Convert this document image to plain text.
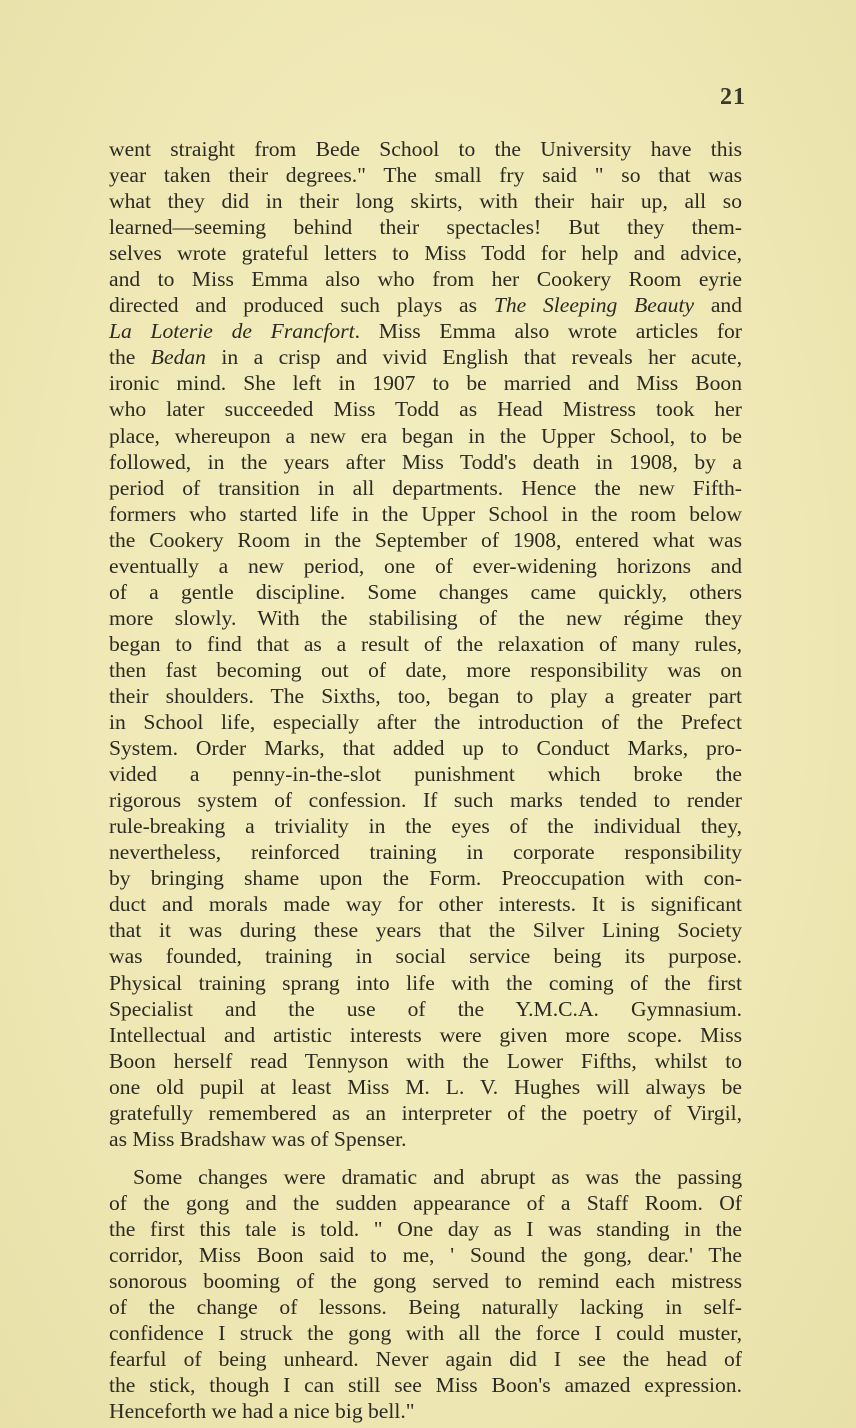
21
went straight from Bede School to the University have this
year taken their degrees." The small fry said " so that was
what they did in their long skirts, with their hair up, all so
learned—seeming behind their spectacles! But they them-
selves wrote grateful letters to Miss Todd for help and advice,
and to Miss Emma also who from her Cookery Room eyrie
directed and produced such plays as The Sleeping Beauty and
La Loterie de Francfort. Miss Emma also wrote articles for
the Bedan in a crisp and vivid English that reveals her acute,
ironic mind. She left in 1907 to be married and Miss Boon
who later succeeded Miss Todd as Head Mistress took her
place, whereupon a new era began in the Upper School, to be
followed, in the years after Miss Todd's death in 1908, by a
period of transition in all departments. Hence the new Fifth-
formers who started life in the Upper School in the room below
the Cookery Room in the September of 1908, entered what was
eventually a new period, one of ever-widening horizons and
of a gentle discipline. Some changes came quickly, others
more slowly. With the stabilising of the new régime they
began to find that as a result of the relaxation of many rules,
then fast becoming out of date, more responsibility was on
their shoulders. The Sixths, too, began to play a greater part
in School life, especially after the introduction of the Prefect
System. Order Marks, that added up to Conduct Marks, pro-
vided a penny-in-the-slot punishment which broke the
rigorous system of confession. If such marks tended to render
rule-breaking a triviality in the eyes of the individual they,
nevertheless, reinforced training in corporate responsibility
by bringing shame upon the Form. Preoccupation with con-
duct and morals made way for other interests. It is significant
that it was during these years that the Silver Lining Society
was founded, training in social service being its purpose.
Physical training sprang into life with the coming of the first
Specialist and the use of the Y.M.C.A. Gymnasium.
Intellectual and artistic interests were given more scope. Miss
Boon herself read Tennyson with the Lower Fifths, whilst to
one old pupil at least Miss M. L. V. Hughes will always be
gratefully remembered as an interpreter of the poetry of Virgil,
as Miss Bradshaw was of Spenser.
Some changes were dramatic and abrupt as was the passing
of the gong and the sudden appearance of a Staff Room. Of
the first this tale is told. " One day as I was standing in the
corridor, Miss Boon said to me, ' Sound the gong, dear.' The
sonorous booming of the gong served to remind each mistress
of the change of lessons. Being naturally lacking in self-
confidence I struck the gong with all the force I could muster,
fearful of being unheard. Never again did I see the head of
the stick, though I can still see Miss Boon's amazed expression.
Henceforth we had a nice big bell."
